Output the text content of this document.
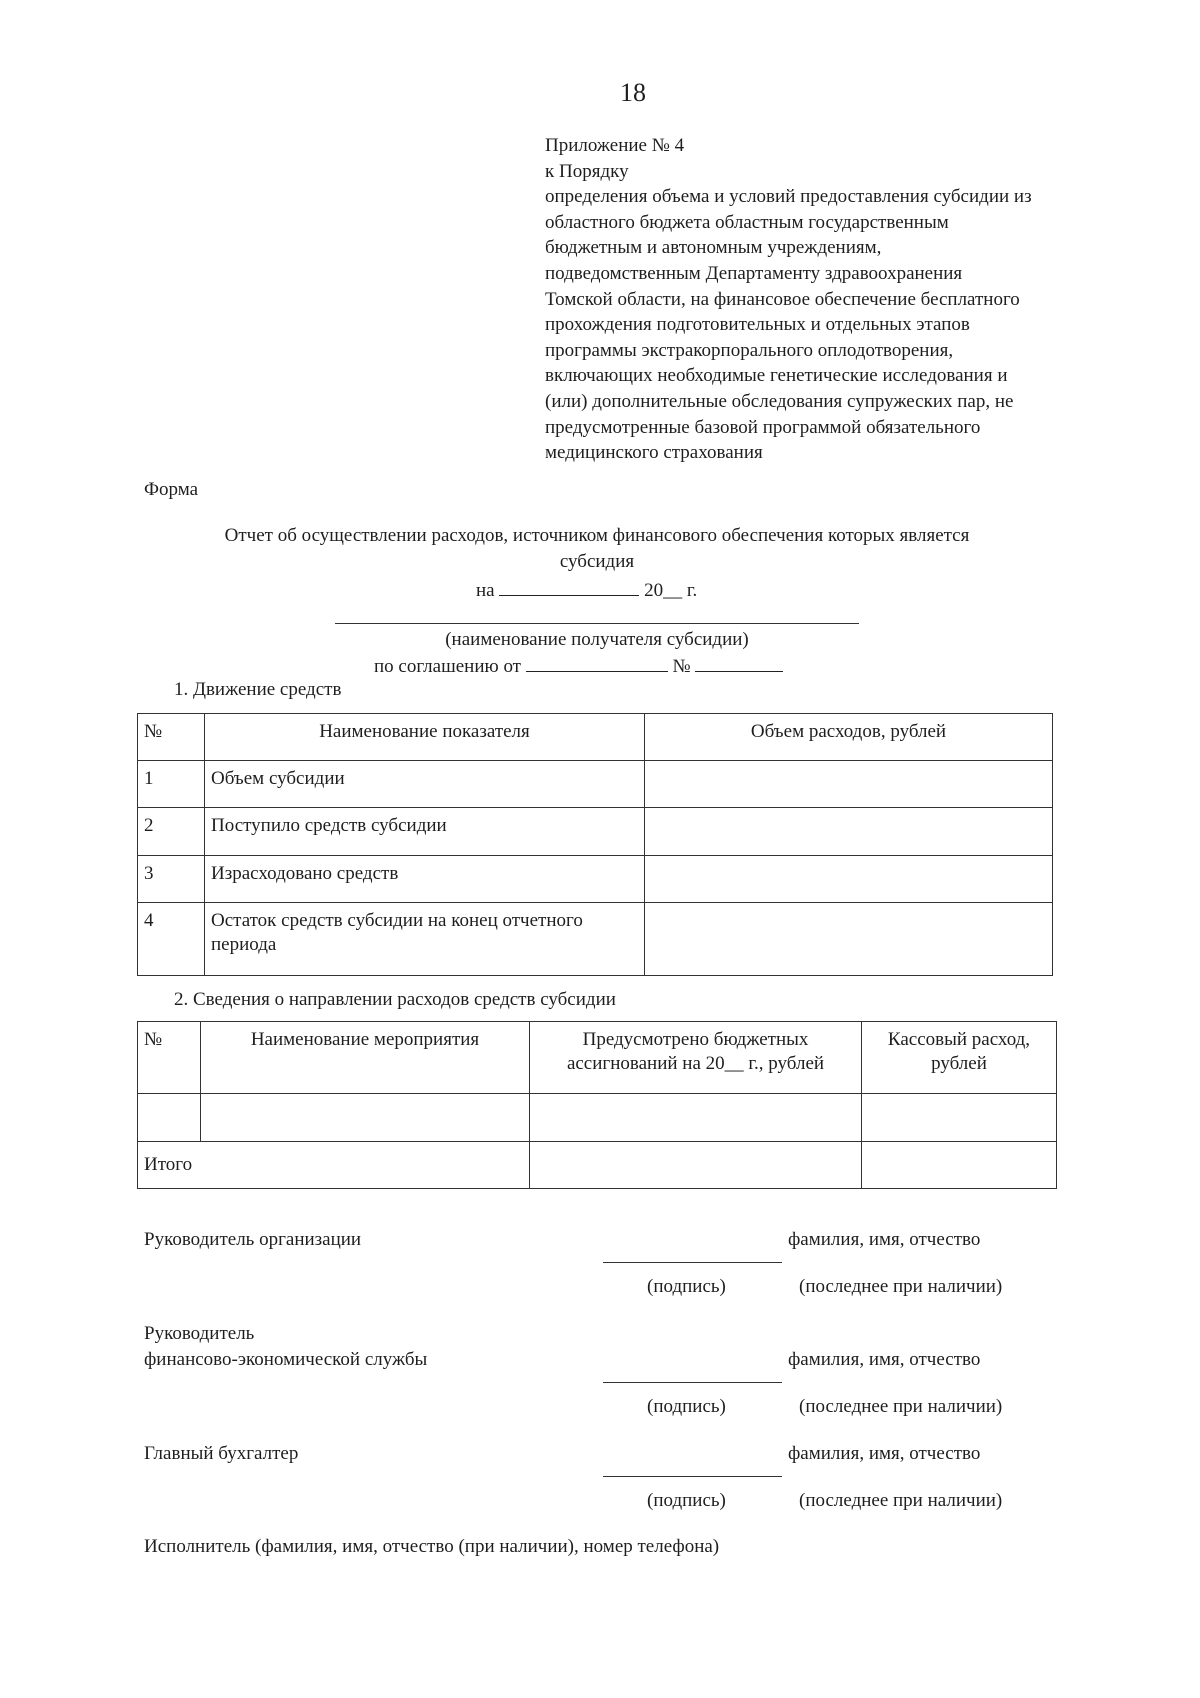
18
Приложение № 4
к Порядку
определения объема и условий предоставления субсидии из
областного бюджета областным государственным
бюджетным и автономным учреждениям,
подведомственным Департаменту здравоохранения
Томской области, на финансовое обеспечение бесплатного
прохождения подготовительных и отдельных этапов
программы экстракорпорального оплодотворения,
включающих необходимые генетические исследования и
(или) дополнительные обследования супружеских пар, не
предусмотренные базовой программой обязательного
медицинского страхования
Форма
Отчет об осуществлении расходов, источником финансового обеспечения которых является
субсидия
на	20__ г.
(наименование получателя субсидии)
по соглашению от	№
1. Движение средств
№	Наименование показателя	Объем расходов, рублей
1	Объем субсидии	
2	Поступило средств субсидии	
3	Израсходовано средств	
4	Остаток средств субсидии на конец отчетного периода	
2. Сведения о направлении расходов средств субсидии
№	Наименование мероприятия	Предусмотрено бюджетных ассигнований на 20__ г., рублей	Кассовый расход, рублей

Итого			
Руководитель организации	фамилия, имя, отчество
(подпись)	(последнее при наличии)
Руководитель
финансово-экономической службы	фамилия, имя, отчество
(подпись)	(последнее при наличии)
Главный бухгалтер	фамилия, имя, отчество
(подпись)	(последнее при наличии)
Исполнитель (фамилия, имя, отчество (при наличии), номер телефона)
